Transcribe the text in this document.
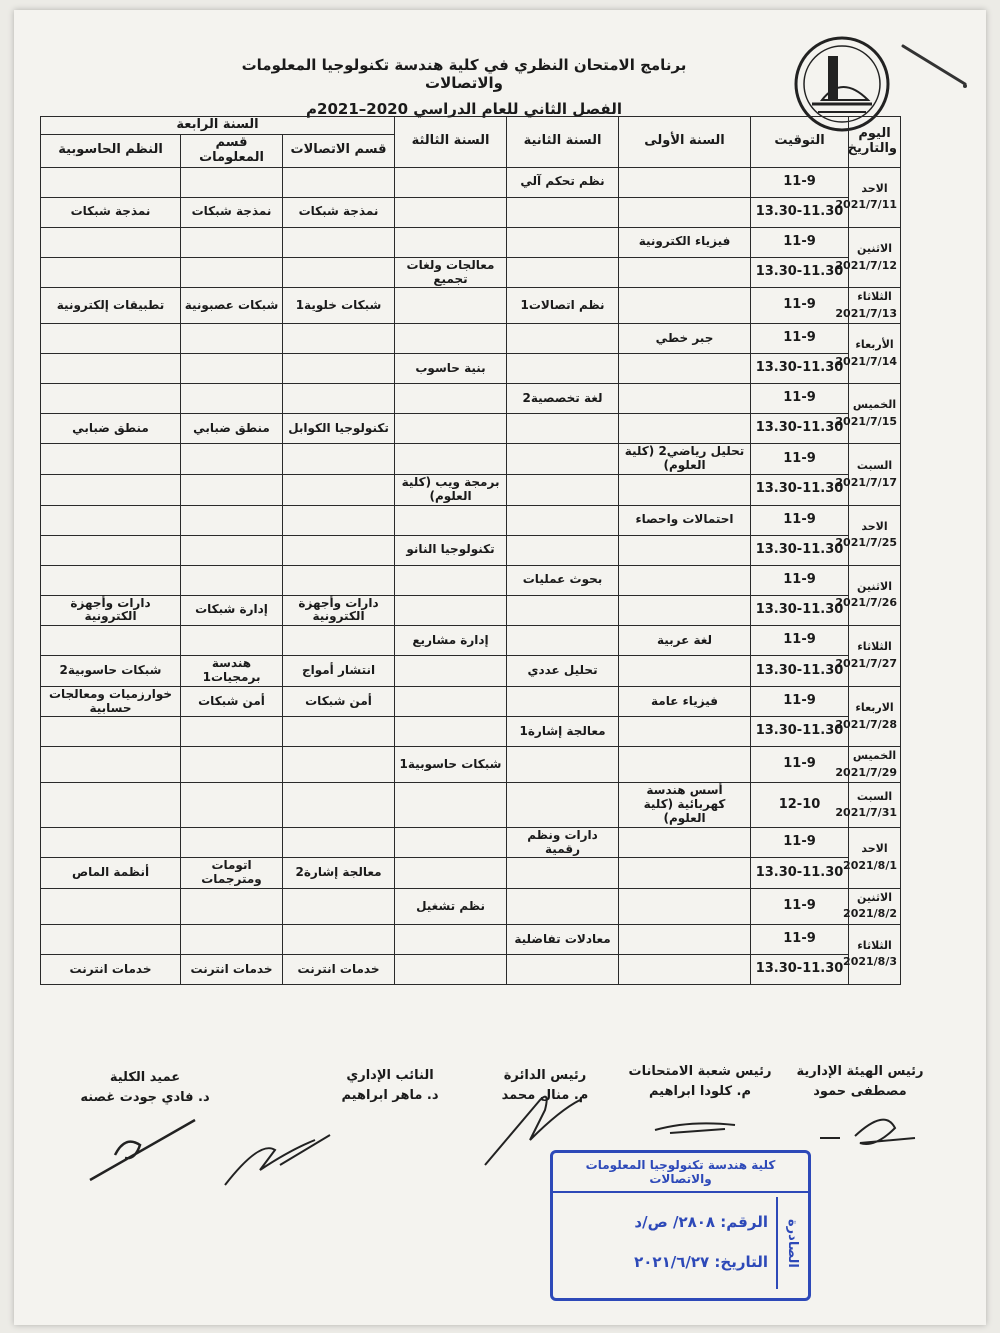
برنامج الامتحان النظري في كلية هندسة تكنولوجيا المعلومات والاتصالات
الفصل الثاني للعام الدراسي 2020–2021م
اليوم والتاريخ	التوقيت	السنة الأولى	السنة الثانية	السنة الثالثة	السنة الرابعة		
					قسم الاتصالات	قسم المعلومات	النظم الحاسوبية

الاحد
2021/7/11	11-9		نظم تحكم آلي				
	13.30-11.30				نمذجة شبكات	نمذجة شبكات	نمذجة شبكات

الاثنين
2021/7/12	11-9	فيزياء الكترونية					
	13.30-11.30			معالجات ولغات تجميع			

الثلاثاء
2021/7/13	11-9		نظم اتصالات1		شبكات خلوية1	شبكات عصبونية	تطبيقات إلكترونية

الأربعاء
2021/7/14	11-9	جبر خطي					
	13.30-11.30			بنية حاسوب			

الخميس
2021/7/15	11-9		لغة تخصصية2				
	13.30-11.30				تكنولوجيا الكوابل	منطق ضبابي	منطق ضبابي

السبت
2021/7/17	11-9	تحليل رياضي2 (كلية العلوم)					
	13.30-11.30			برمجة ويب (كلية العلوم)			

الاحد
2021/7/25	11-9	احتمالات واحصاء					
	13.30-11.30			تكنولوجيا النانو			

الاثنين
2021/7/26	11-9		بحوث عمليات				
	13.30-11.30				دارات وأجهزة الكترونية	إدارة شبكات	دارات وأجهزة الكترونية

الثلاثاء
2021/7/27	11-9	لغة عربية		إدارة مشاريع			
	13.30-11.30		تحليل عددي		انتشار أمواج	هندسة برمجيات1	شبكات حاسوبية2

الاربعاء
2021/7/28	11-9	فيزياء عامة			أمن شبكات	أمن شبكات	خوارزميات ومعالجات حسابية
	13.30-11.30		معالجة إشارة1				

الخميس
2021/7/29	11-9			شبكات حاسوبية1			

السبت
2021/7/31	12-10	أسس هندسة كهربائية (كلية العلوم)					

الاحد
2021/8/1	11-9		دارات ونظم رقمية				
	13.30-11.30				معالجة إشارة2	اتومات ومترجمات	أنظمة الماص

الاثنين
2021/8/2	11-9			نظم تشغيل			

الثلاثاء
2021/8/3	11-9		معادلات تفاضلية				
	13.30-11.30				خدمات انترنت	خدمات انترنت	خدمات انترنت
رئيس الهيئة الإدارية
مصطفى حمود
رئيس شعبة الامتحانات
م. كلودا ابراهيم
رئيس الدائرة
م. منال محمد
النائب الإداري
د. ماهر ابراهيم
عميد الكلية
د. فادي جودت غصنه
كلية هندسة تكنولوجيا المعلومات والاتصالات
الصادرة
الرقم: ٢٨٠٨/ ص/د
التاريخ: ٢٠٢١/٦/٢٧
